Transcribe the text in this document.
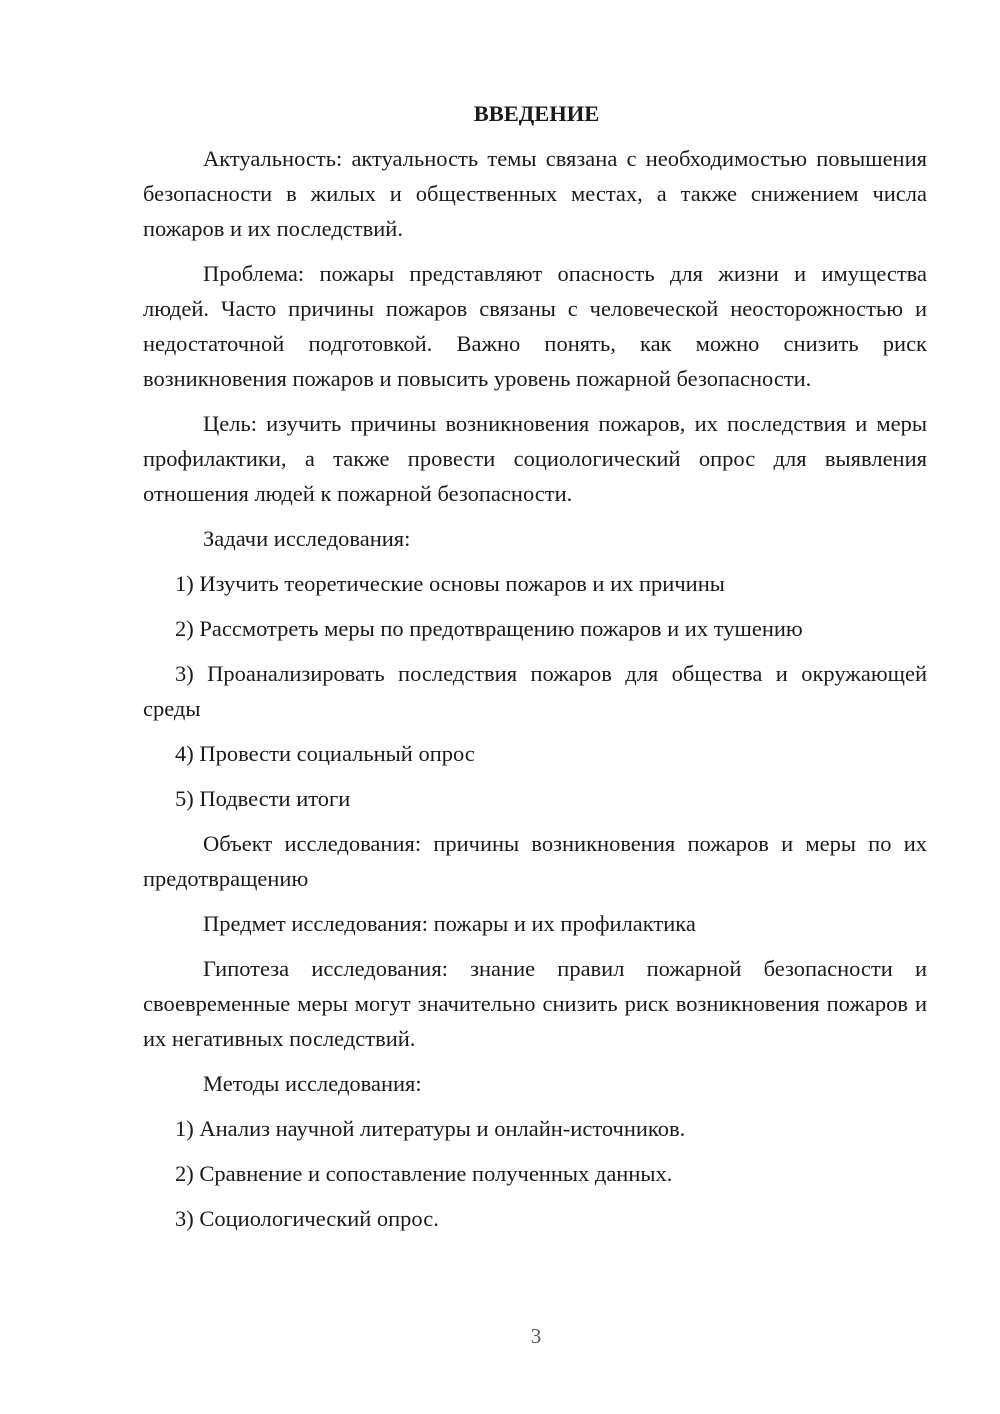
ВВЕДЕНИЕ

Актуальность: актуальность темы связана с необходимостью повышения безопасности в жилых и общественных местах, а также снижением числа пожаров и их последствий.

Проблема: пожары представляют опасность для жизни и имущества людей. Часто причины пожаров связаны с человеческой неосторожностью и недостаточной подготовкой. Важно понять, как можно снизить риск возникновения пожаров и повысить уровень пожарной безопасности.

Цель: изучить причины возникновения пожаров, их последствия и меры профилактики, а также провести социологический опрос для выявления отношения людей к пожарной безопасности.

Задачи исследования:

1) Изучить теоретические основы пожаров и их причины

2) Рассмотреть меры по предотвращению пожаров и их тушению

3) Проанализировать последствия пожаров для общества и окружающей среды

4) Провести социальный опрос

5) Подвести итоги

Объект исследования: причины возникновения пожаров и меры по их предотвращению

Предмет исследования: пожары и их профилактика

Гипотеза исследования: знание правил пожарной безопасности и своевременные меры могут значительно снизить риск возникновения пожаров и их негативных последствий.

Методы исследования:

1) Анализ научной литературы и онлайн-источников.

2) Сравнение и сопоставление полученных данных.

3) Социологический опрос.

3
